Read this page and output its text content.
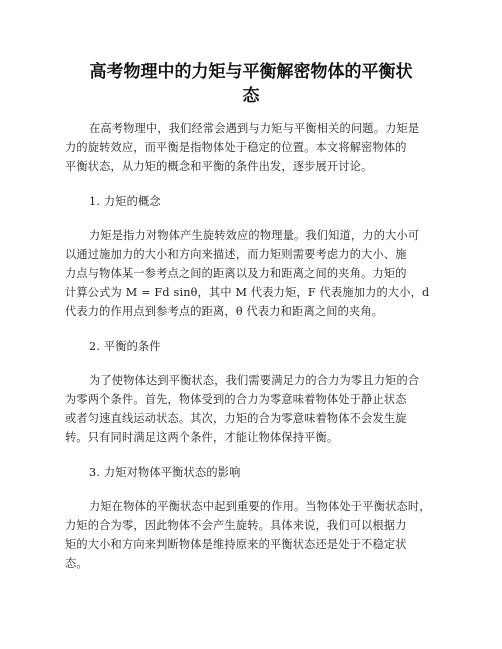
高考物理中的力矩与平衡解密物体的平衡状
态
在高考物理中，我们经常会遇到与力矩与平衡相关的问题。力矩是
力的旋转效应，而平衡是指物体处于稳定的位置。本文将解密物体的
平衡状态，从力矩的概念和平衡的条件出发，逐步展开讨论。
1. 力矩的概念
力矩是指力对物体产生旋转效应的物理量。我们知道，力的大小可
以通过施加力的大小和方向来描述，而力矩则需要考虑力的大小、施
力点与物体某一参考点之间的距离以及力和距离之间的夹角。力矩的
计算公式为 M = Fd sinθ，其中 M 代表力矩，F 代表施加力的大小，d
代表力的作用点到参考点的距离，θ 代表力和距离之间的夹角。
2. 平衡的条件
为了使物体达到平衡状态，我们需要满足力的合力为零且力矩的合
为零两个条件。首先，物体受到的合力为零意味着物体处于静止状态
或者匀速直线运动状态。其次，力矩的合为零意味着物体不会发生旋
转。只有同时满足这两个条件，才能让物体保持平衡。
3. 力矩对物体平衡状态的影响
力矩在物体的平衡状态中起到重要的作用。当物体处于平衡状态时，
力矩的合为零，因此物体不会产生旋转。具体来说，我们可以根据力
矩的大小和方向来判断物体是维持原来的平衡状态还是处于不稳定状
态。
